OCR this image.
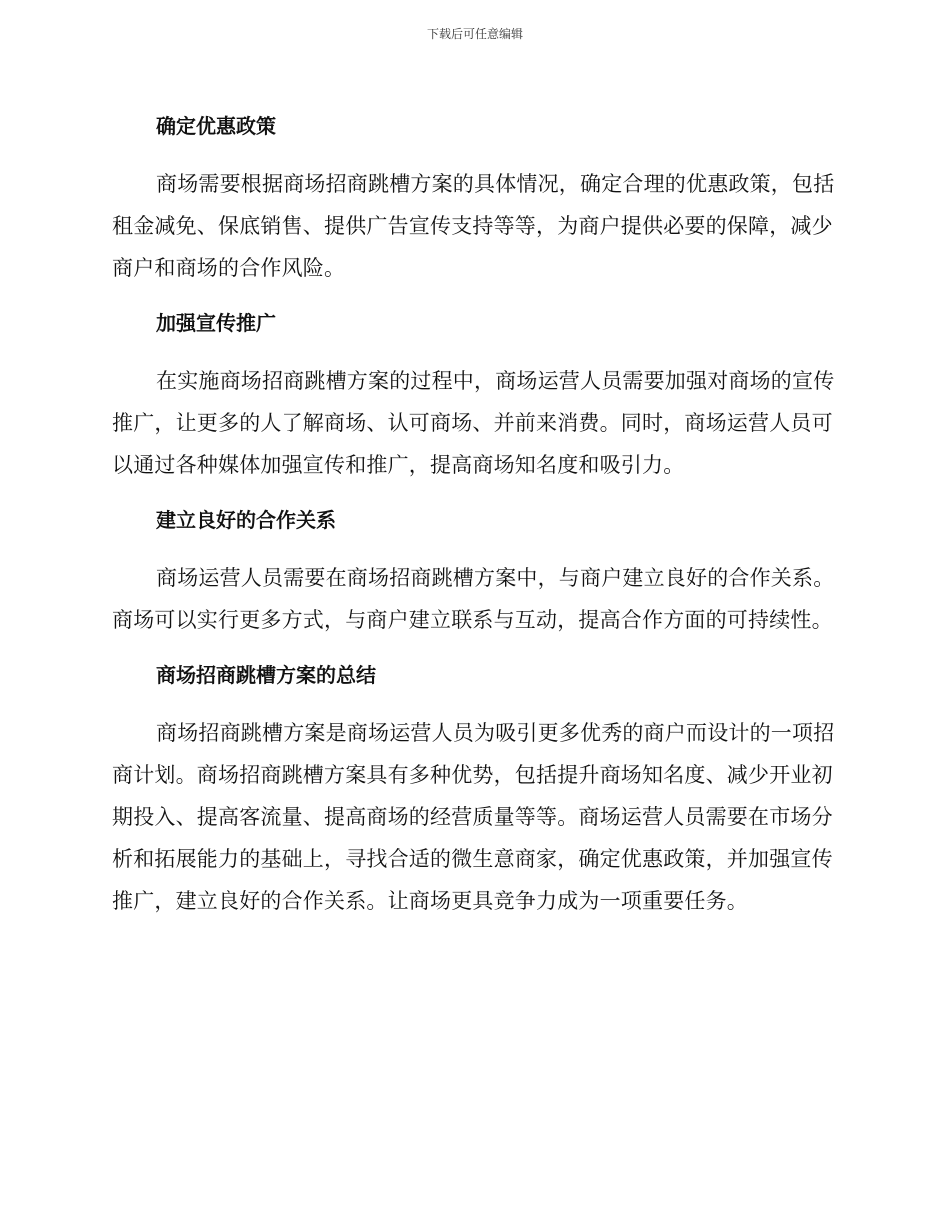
下载后可任意编辑
确定优惠政策

商场需要根据商场招商跳槽方案的具体情况，确定合理的优惠政策，包括租金减免、保底销售、提供广告宣传支持等等，为商户提供必要的保障，减少商户和商场的合作风险。

加强宣传推广

在实施商场招商跳槽方案的过程中，商场运营人员需要加强对商场的宣传推广，让更多的人了解商场、认可商场、并前来消费。同时，商场运营人员可以通过各种媒体加强宣传和推广，提高商场知名度和吸引力。

建立良好的合作关系

商场运营人员需要在商场招商跳槽方案中，与商户建立良好的合作关系。商场可以实行更多方式，与商户建立联系与互动，提高合作方面的可持续性。

商场招商跳槽方案的总结

商场招商跳槽方案是商场运营人员为吸引更多优秀的商户而设计的一项招商计划。商场招商跳槽方案具有多种优势，包括提升商场知名度、减少开业初期投入、提高客流量、提高商场的经营质量等等。商场运营人员需要在市场分析和拓展能力的基础上，寻找合适的微生意商家，确定优惠政策，并加强宣传推广，建立良好的合作关系。让商场更具竞争力成为一项重要任务。
